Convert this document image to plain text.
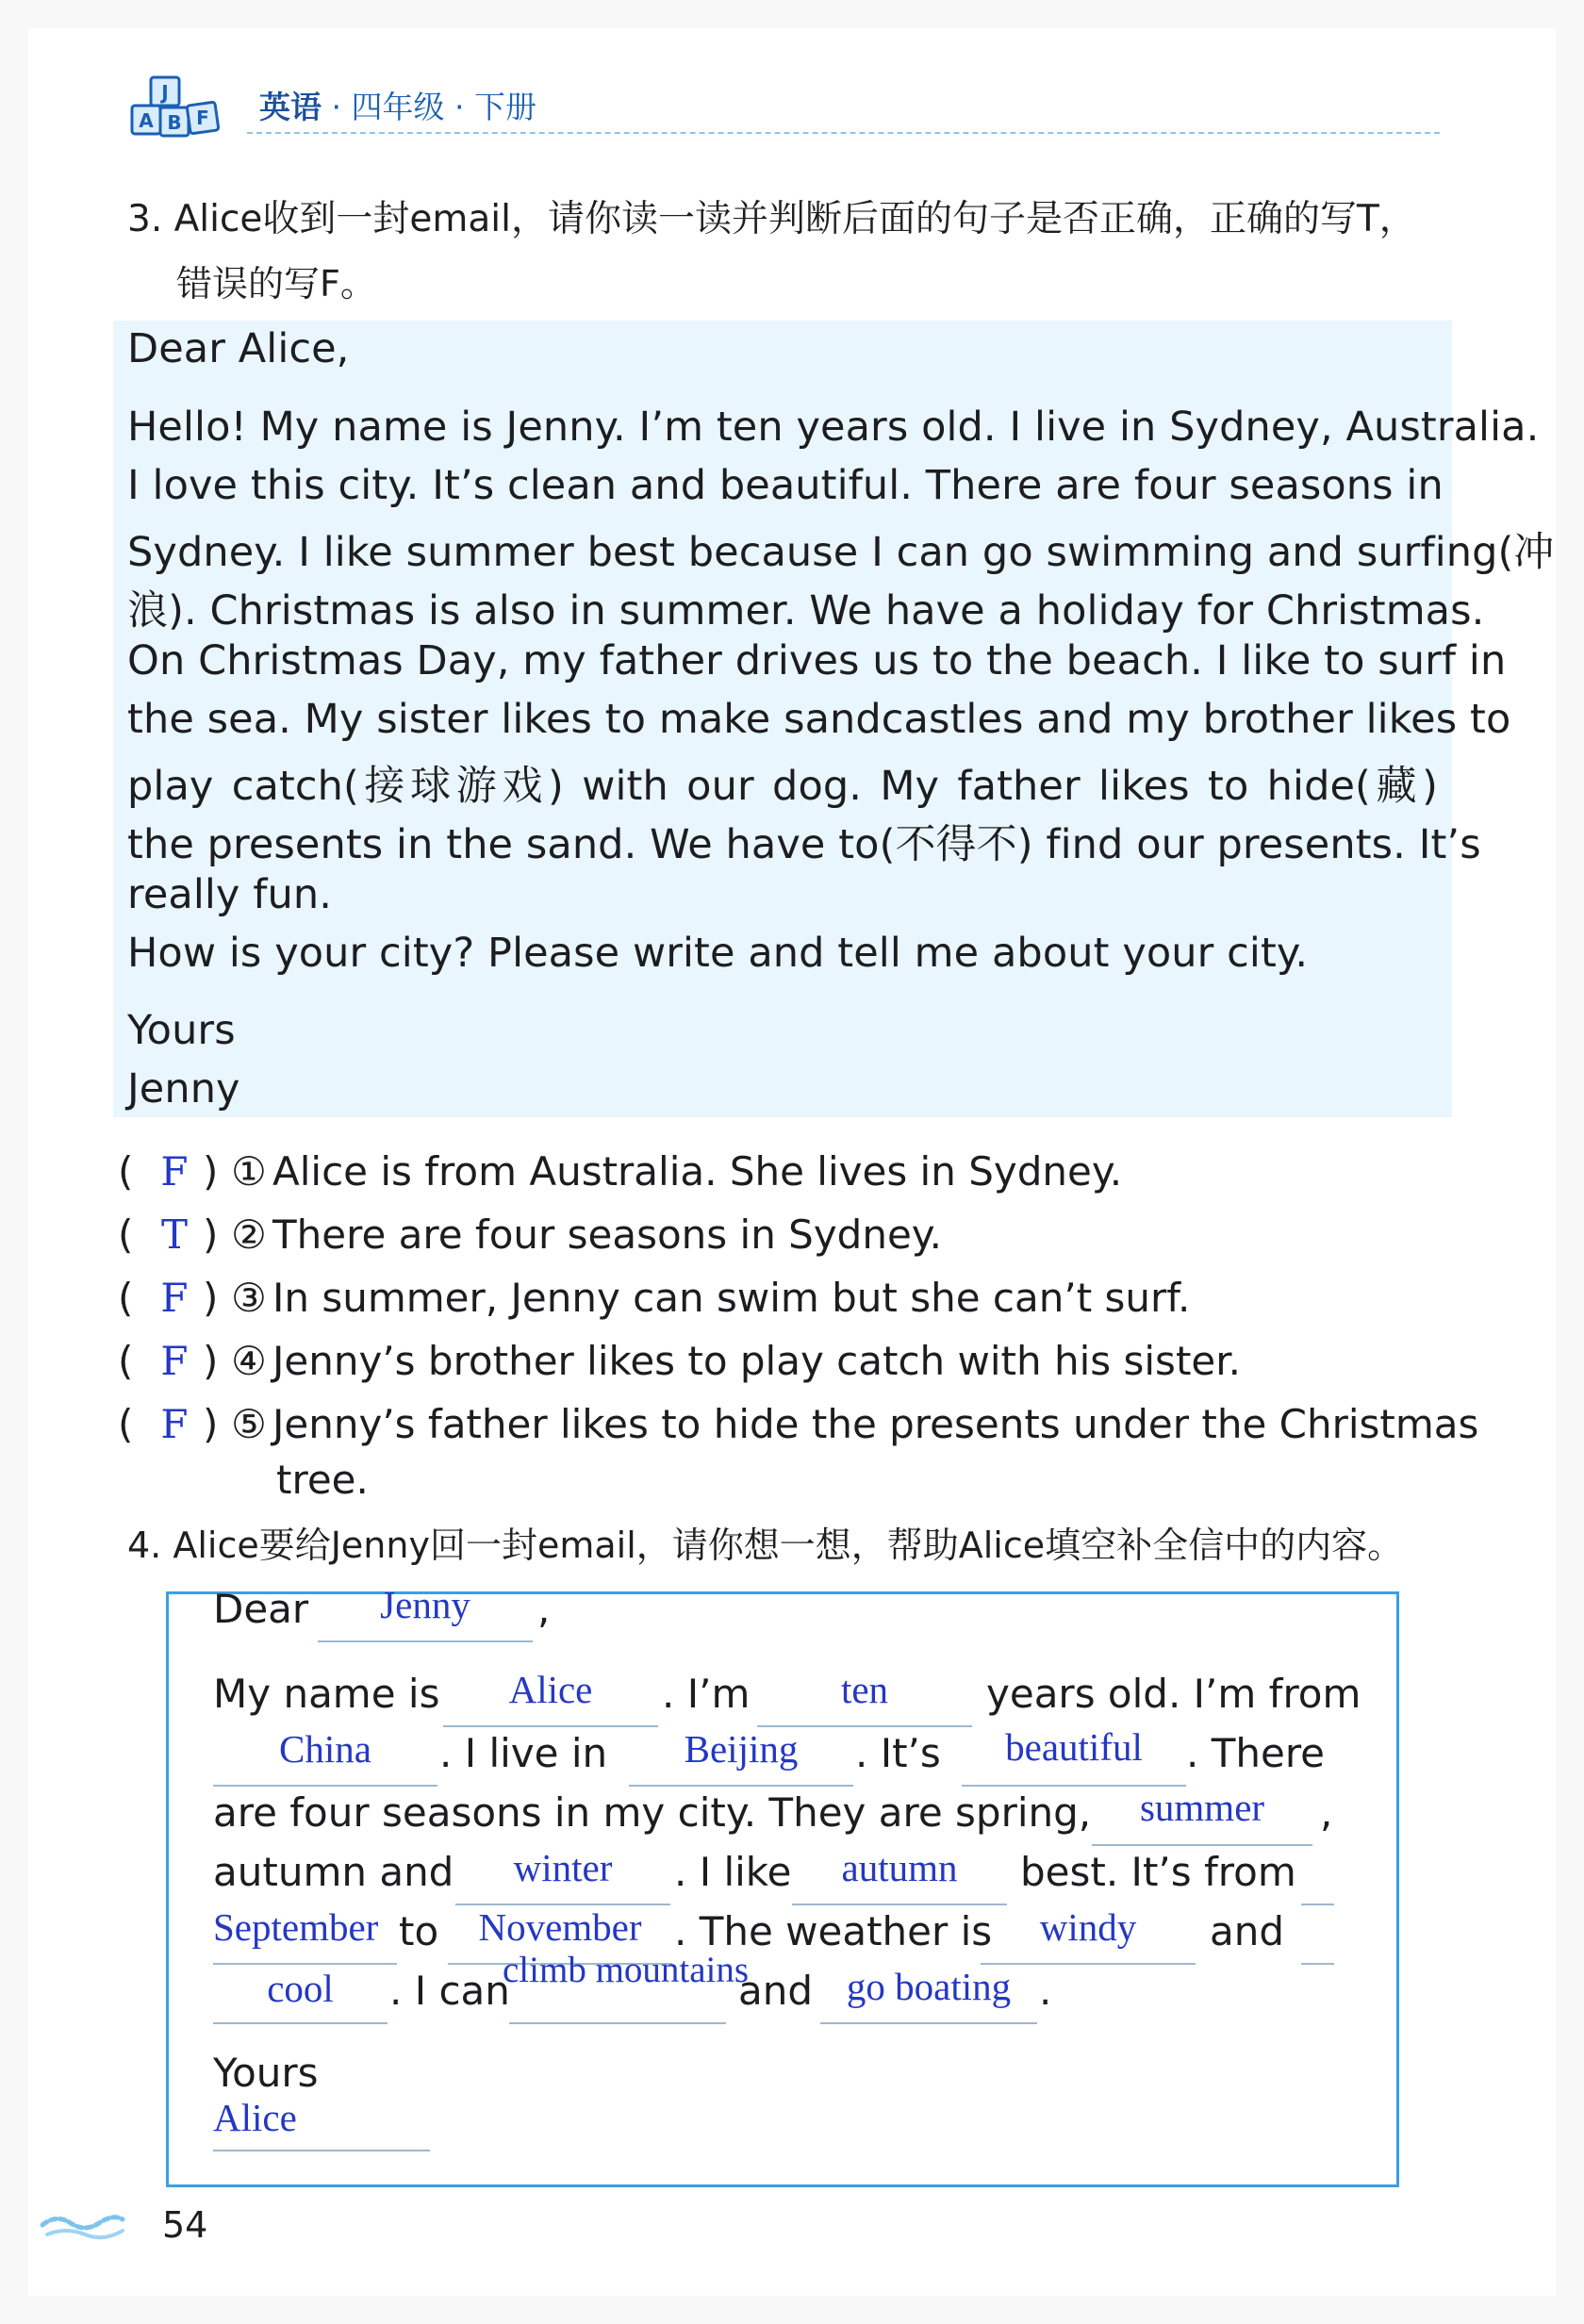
J
A B F 英语 · 四年级 · 下册
3. Alice收到一封email，请你读一读并判断后面的句子是否正确，正确的写T，
错误的写F。
Dear Alice,
Hello! My name is Jenny. I’m ten years old. I live in Sydney, Australia.
I love this city. It’s clean and beautiful. There are four seasons in
Sydney. I like summer best because I can go swimming and surfing(冲
浪). Christmas is also in summer. We have a holiday for Christmas.
On Christmas Day, my father drives us to the beach. I like to surf in
the sea. My sister likes to make sandcastles and my brother likes to
play catch(接球游戏) with our dog. My father likes to hide(藏)
the presents in the sand. We have to(不得不) find our presents. It’s
really fun.
How is your city? Please write and tell me about your city.
Yours
Jenny
( F ) ① Alice is from Australia. She lives in Sydney.
( T ) ② There are four seasons in Sydney.
( F ) ③ In summer, Jenny can swim but she can’t surf.
( F ) ④ Jenny’s brother likes to play catch with his sister.
( F ) ⑤ Jenny’s father likes to hide the presents under the Christmas
tree.
4. Alice要给Jenny回一封email，请你想一想，帮助Alice填空补全信中的内容。
Dear	Jenny	,
My name is	Alice	. I’m	ten	years old. I’m from
China	. I live in	Beijing	. It’s	beautiful	. There
are four seasons in my city. They are spring,	summer	,
autumn and	winter	. I like	autumn	best. It’s from
September to	November . The weather is	windy	and
cool	. I can
climb mountains
and go boating .
Yours
Alice
54
